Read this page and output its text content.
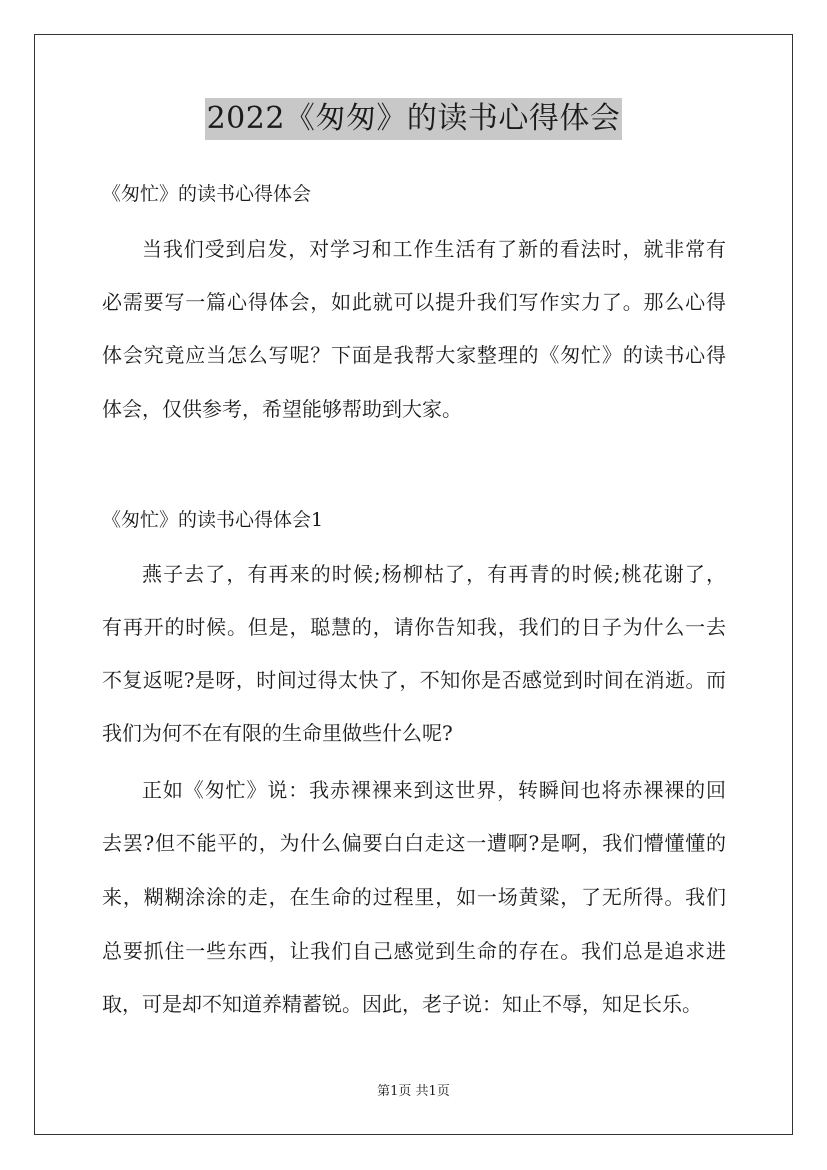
2022《匆匆》的读书心得体会
《匆忙》的读书心得体会
当我们受到启发，对学习和工作生活有了新的看法时，就非常有
必需要写一篇心得体会，如此就可以提升我们写作实力了。那么心得
体会究竟应当怎么写呢？下面是我帮大家整理的《匆忙》的读书心得
体会，仅供参考，希望能够帮助到大家。
《匆忙》的读书心得体会1
燕子去了，有再来的时候;杨柳枯了，有再青的时候;桃花谢了，
有再开的时候。但是，聪慧的，请你告知我，我们的日子为什么一去
不复返呢?是呀，时间过得太快了，不知你是否感觉到时间在消逝。而
我们为何不在有限的生命里做些什么呢?
正如《匆忙》说：我赤裸裸来到这世界，转瞬间也将赤裸裸的回
去罢?但不能平的，为什么偏要白白走这一遭啊?是啊，我们懵懂懂的
来，糊糊涂涂的走，在生命的过程里，如一场黄粱，了无所得。我们
总要抓住一些东西，让我们自己感觉到生命的存在。我们总是追求进
取，可是却不知道养精蓄锐。因此，老子说：知止不辱，知足长乐。
第1页 共1页
